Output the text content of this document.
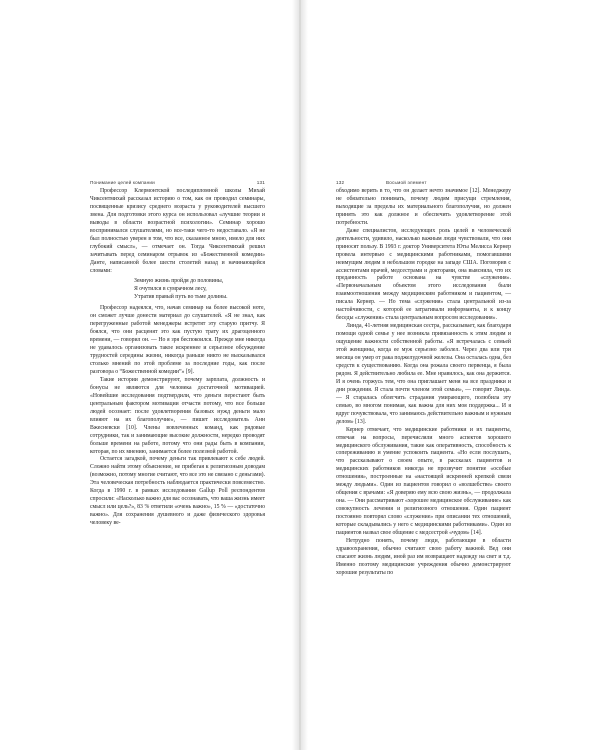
Понимание целей компании	131

Профессор Клермонтской последипломной школы Михай Чиксентмихай рассказал историю о том, как он проводил семинары, посвященные кризису среднего возраста у руководителей высшего звена. Для подготовки этого курса он использовал «лучшие теории и выводы в области возрастной психологии». Семинар хорошо воспринимался слушателями, но все-таки чего-то недоставало. «Я не был полностью уверен в том, что все, сказанное мною, имело для них глубокий смысл», — отмечает он. Тогда Чиксентмихай решил зачитывать перед семинаром отрывок из «Божественной комедии» Данте, написанной более шести столетий назад и начинающейся словами:

Земную жизнь пройдя до половины,
Я очутился в сумрачном лесу,
Утратив правый путь во тьме долины.

Профессор надеялся, что, начав семинар на более высокой ноте, он сможет лучше донести материал до слушателей. «Я не знал, как перегруженные работой менеджеры встретят эту старую притчу. Я боялся, что они расценят это как пустую трату их драгоценного времени, — говорил он. — Но я зря беспокоился. Прежде мне никогда не удавалось организовать такое искреннее и серьезное обсуждение трудностей середины жизни, никогда раньше никто не высказывался столько мнений по этой проблеме за последние годы, как после разговора о “Божественной комедии”» [9].

Такие истории демонстрируют, почему зарплата, должность и бонусы не являются для человека достаточной мотивацией. «Новейшие исследования подтвердили, что деньги перестают быть центральным фактором мотивации отчасти потому, что все больше людей осознает: после удовлетворения базовых нужд деньги мало влияют на их благополучие», — пишет исследователь Анн Вжесневски [10]. Члены вовлеченных команд, как рядовые сотрудники, так и занимающие высокие должности, нередко проводят больше времени на работе, потому что они рады быть в компании, которая, по их мнению, занимается более полезной работой.

Остается загадкой, почему деньги так привлекают к себе людей. Сложно найти этому объяснение, не прибегая к религиозным доводам (возможно, потому многие считают, что все это не связано с деньгами). Эта человеческая потребность наблюдается практически повсеместно. Когда в 1990 г. в рамках исследования Gallup Poll респондентов спросили: «Насколько важно для вас осознавать, что ваша жизнь имеет смысл или цель?», 83 % ответили «очень важно», 15 % — «достаточно важно». Для сохранения душевного и даже физического здоровья человеку ве-

132	Восьмой элемент

обходимо верить в то, что он делает нечто значимое [12]. Менеджеру не обязательно понимать, почему людям присущи стремления, выходящие за пределы их материального благополучия, но должен принять это как должное и обеспечить удовлетворение этой потребности.

Даже специалистов, исследующих роль целей в человеческой деятельности, удивило, насколько важным люди чувствовали, что они приносят пользу. В 1993 г. доктор Университета Юты Мелисса Кернер провела интервью с медицинскими работниками, помогавшими неимущим людям в небольшом городке на западе США. Поговорив с ассистентами врачей, медсестрами и докторами, она выяснила, что их преданность работе основана на чувстве «служения». «Первоначальным объектом этого исследования были взаимоотношения между медицинским работником и пациентом, — писала Кернер. — Но тема «служения» стала центральной из-за настойчивости, с которой ее затрагивали информанты, и к концу беседы «служения» стала центральным вопросом исследования».

Линда, 41-летняя медицинская сестра, рассказывает, как благодаря помощи одной семье у нее возникла привязанность к этим людям и ощущение важности собственной работы. «Я встречалась с семьей этой женщины, когда ее муж серьезно заболел. Через два или три месяца он умер от рака поджелудочной железы. Она осталась одна, без средств к существованию. Когда она рожала своего первенца, я была рядом. Я действительно любила ее. Мне нравилось, как она держится. И я очень горжусь тем, что она приглашает меня на все праздники и дни рождения. Я стала почти членом этой семьи», — говорит Линда. — Я старалась облегчить страдания умирающего, полюбила эту семью, во многом понимая, как важна для них моя поддержка... И я вдруг почувствовала, что занимаюсь действительно важным и нужным делом» [13].

Кернер отмечает, что медицинские работники и их пациенты, отвечая на вопросы, перечисляли много аспектов хорошего медицинского обслуживания, такие как оперативность, способность к сопереживанию и умение успокоить пациента. «Но если послушать, что рассказывают о своем опыте, в рассказах пациентов и медицинских работников никогда не прозвучит понятие «особые отношения», построенные на «настоящей искренней крепкой связи между людьми». Один из пациентов говорил о «волшебстве» своего общения с врачами: «Я доверяю ему всю свою жизнь», — продолжала она. — Они рассматривают «хорошее медицинское обслуживание» как совокупность лечения и религиозного отношения. Один пациент постоянно повторял слово «служение» при описании тех отношений, которые складывались у него с медицинскими работниками». Один из пациентов назвал свое общение с медсестрой «чудом» [14].

Нетрудно понять, почему люди, работающие в области здравоохранения, обычно считают свою работу важной. Вед они спасают жизнь людям, иной раз им возвращают надежду на свет и т.д. Именно поэтому медицинские учреждения обычно демонстрируют хорошие результаты по
